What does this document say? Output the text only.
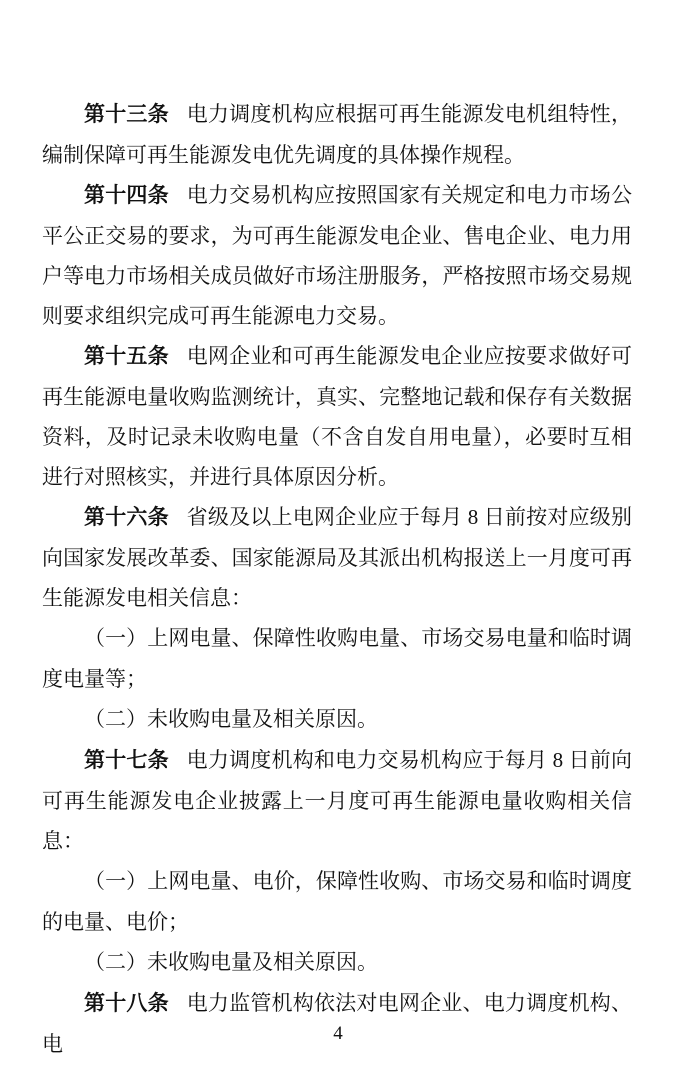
第十三条 电力调度机构应根据可再生能源发电机组特性，编制保障可再生能源发电优先调度的具体操作规程。

第十四条 电力交易机构应按照国家有关规定和电力市场公平公正交易的要求，为可再生能源发电企业、售电企业、电力用户等电力市场相关成员做好市场注册服务，严格按照市场交易规则要求组织完成可再生能源电力交易。

第十五条 电网企业和可再生能源发电企业应按要求做好可再生能源电量收购监测统计，真实、完整地记载和保存有关数据资料，及时记录未收购电量（不含自发自用电量），必要时互相进行对照核实，并进行具体原因分析。

第十六条 省级及以上电网企业应于每月 8 日前按对应级别向国家发展改革委、国家能源局及其派出机构报送上一月度可再生能源发电相关信息：

（一）上网电量、保障性收购电量、市场交易电量和临时调度电量等；

（二）未收购电量及相关原因。

第十七条 电力调度机构和电力交易机构应于每月 8 日前向可再生能源发电企业披露上一月度可再生能源电量收购相关信息：

（一）上网电量、电价，保障性收购、市场交易和临时调度的电量、电价；

（二）未收购电量及相关原因。

第十八条 电力监管机构依法对电网企业、电力调度机构、电	4
